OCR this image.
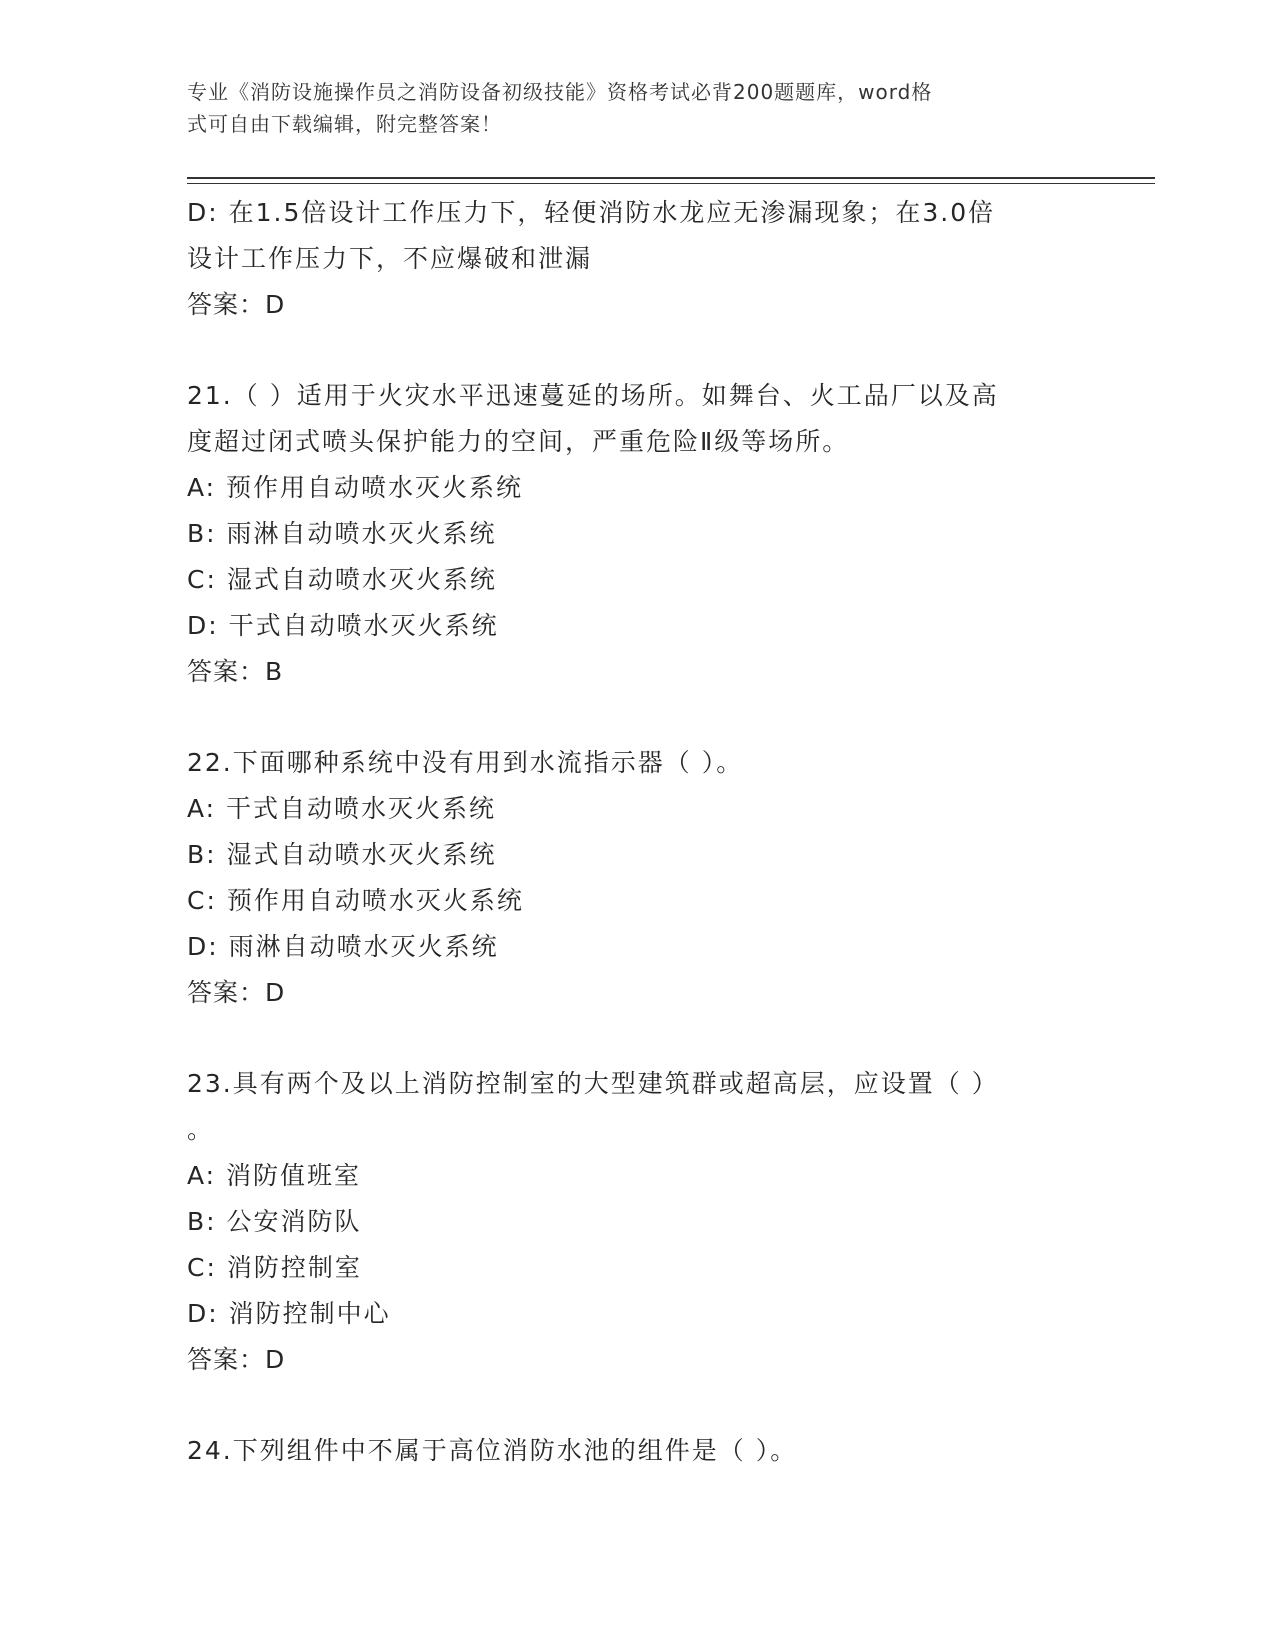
专业《消防设施操作员之消防设备初级技能》资格考试必背200题题库，word格
式可自由下载编辑，附完整答案！
D: 在1.5倍设计工作压力下，轻便消防水龙应无渗漏现象；在3.0倍
设计工作压力下，不应爆破和泄漏
答案：D
21.（ ）适用于火灾水平迅速蔓延的场所。如舞台、火工品厂以及高
度超过闭式喷头保护能力的空间，严重危险Ⅱ级等场所。
A: 预作用自动喷水灭火系统
B: 雨淋自动喷水灭火系统
C: 湿式自动喷水灭火系统
D: 干式自动喷水灭火系统
答案：B
22.下面哪种系统中没有用到水流指示器（ ）。
A: 干式自动喷水灭火系统
B: 湿式自动喷水灭火系统
C: 预作用自动喷水灭火系统
D: 雨淋自动喷水灭火系统
答案：D
23.具有两个及以上消防控制室的大型建筑群或超高层，应设置（ ）
。
A: 消防值班室
B: 公安消防队
C: 消防控制室
D: 消防控制中心
答案：D
24.下列组件中不属于高位消防水池的组件是（ ）。
